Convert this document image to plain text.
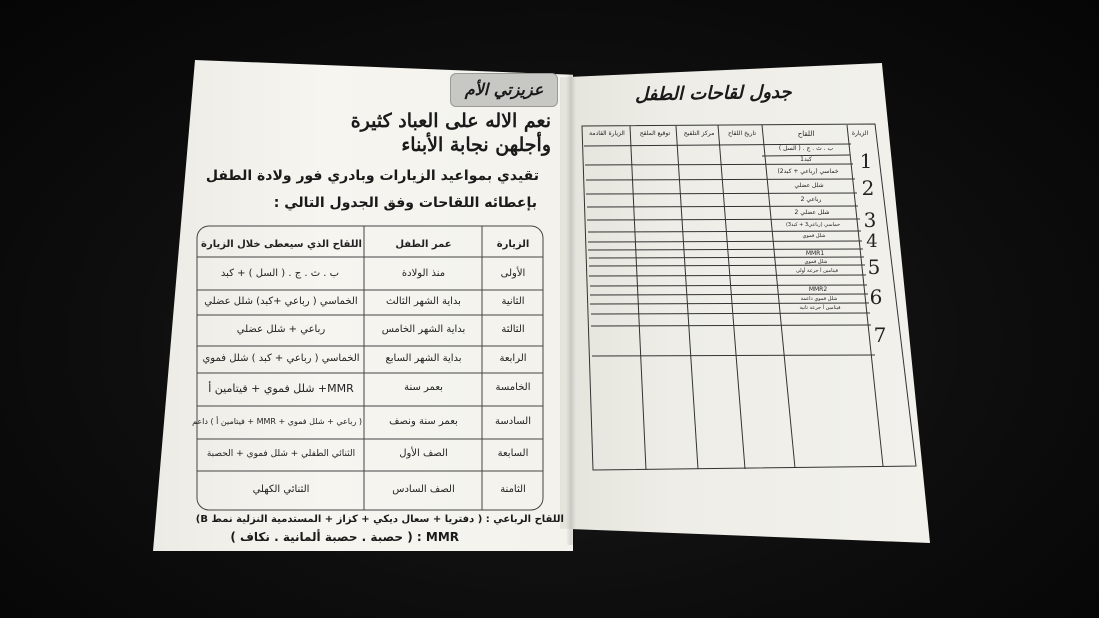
عزيزتي الأم
نعم الاله على العباد كثيرة
وأجلهن نجابة الأبناء
تقيدي بمواعيد الزيارات وبادري فور ولادة الطفل
بإعطائه اللقاحات وفق الجدول التالي :
الزيارة
عمر الطفل
اللقاح الذي سيعطى خلال الزيارة
الأولى
منذ الولادة
ب . ث . ج . ( السل ) + كبد
الثانية
بداية الشهر الثالث
الخماسي ( رباعي +كبد) شلل عضلي
الثالثة
بداية الشهر الخامس
رباعي + شلل عضلي
الرابعة
بداية الشهر السابع
الخماسي ( رباعي + كبد ) شلل فموي
الخامسة
بعمر سنة
MMR+ شلل فموي + فيتامين أ
السادسة
بعمر سنة ونصف
( رباعي + شلل فموي + MMR + فيتامين أ ) داعم
السابعة
الصف الأول
الثنائي الطفلي + شلل فموي + الحصبة
الثامنة
الصف السادس
الثنائي الكهلي
اللقاح الرباعي : ( دفتريا + سعال ديكي + كزاز + المستدمية النزلية نمط B)
MMR : ( حصبة . حصبة ألمانية . نكاف )
جدول لقاحات الطفل
الزيارة
اللقاح
تاريخ اللقاح
مركز التلقيح
توقيع الملقح
الزيارة القادمة
1
2
3
4
5
6
7
ب . ث . ج . ( السل )
كبد1
خماسي (رباعي + كبد2)
شلل عضلي
رباعي 2
شلل عضلي 2
خماسي (رباعي3 + كبد3)
شلل فموي
MMR1
شلل فموي
فيتامين أ جرعة أولى
MMR2
شلل فموي داعمة
فيتامين أ جرعة ثانية
